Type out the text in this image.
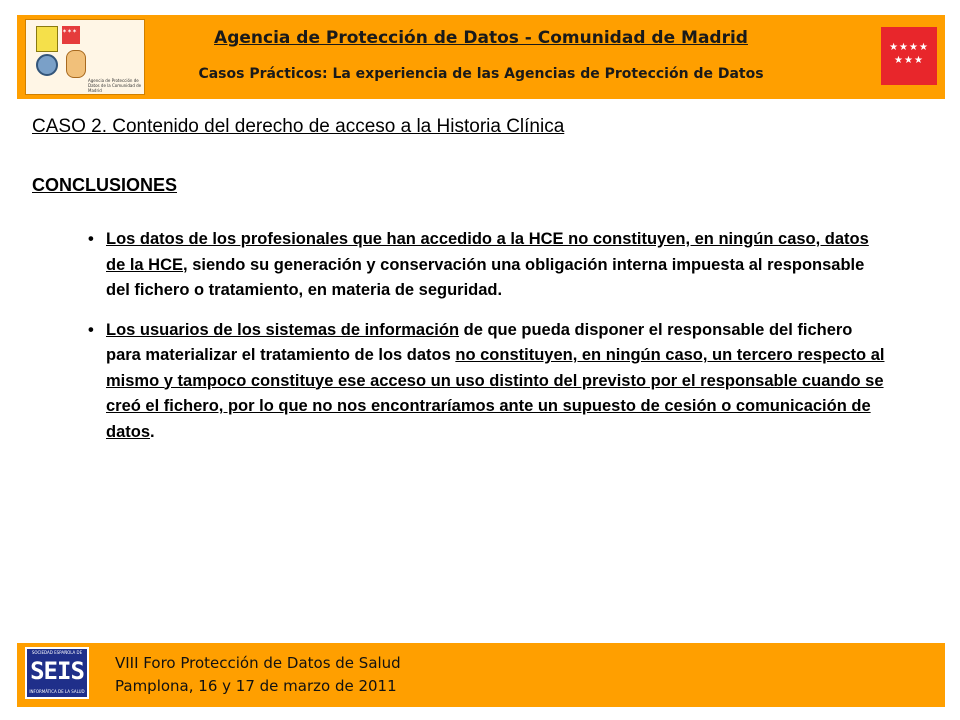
✶✶✶
Agencia de Protección de Datos de la Comunidad de Madrid
Agencia de Protección de Datos - Comunidad de Madrid
Casos Prácticos: La experiencia de las Agencias de Protección de Datos
★★★★
★★★
CASO 2. Contenido del derecho de acceso a la Historia Clínica
CONCLUSIONES
• Los datos de los profesionales que han accedido a la HCE no constituyen, en ningún caso, datos de la HCE, siendo su generación y conservación una obligación interna impuesta al responsable del fichero o tratamiento, en materia de seguridad.
• Los usuarios de los sistemas de información de que pueda disponer el responsable del fichero para materializar el tratamiento de los datos no constituyen, en ningún caso, un tercero respecto al mismo y tampoco constituye ese acceso un uso distinto del previsto por el responsable cuando se creó el fichero, por lo que no nos encontraríamos ante un supuesto de cesión o comunicación de datos.
SOCIEDAD ESPAÑOLA DE
SEIS
INFORMÁTICA DE LA SALUD
VIII Foro Protección de Datos de Salud
Pamplona, 16 y 17 de marzo de 2011
